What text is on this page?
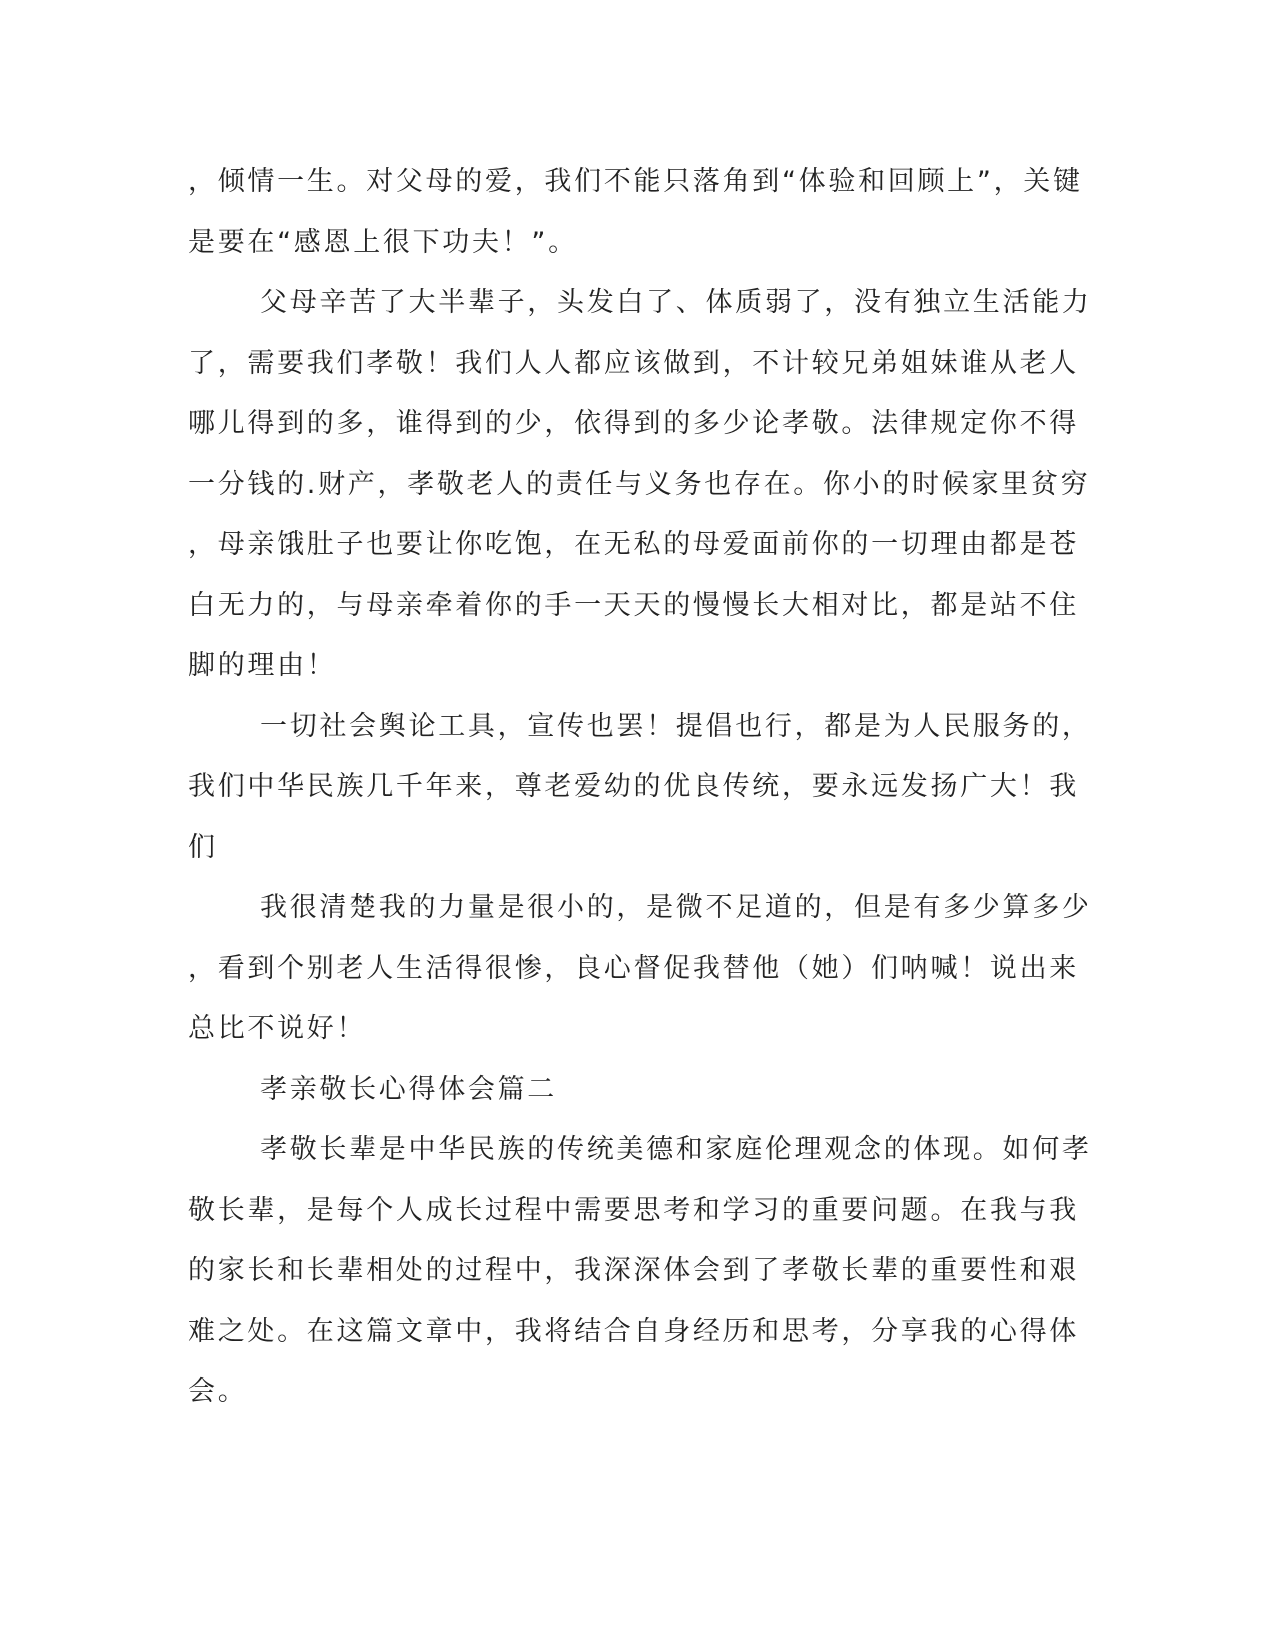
，倾情一生。对父母的爱，我们不能只落角到“体验和回顾上”，关键
是要在“感恩上很下功夫！”。

父母辛苦了大半辈子，头发白了、体质弱了，没有独立生活能力
了，需要我们孝敬！我们人人都应该做到，不计较兄弟姐妹谁从老人
哪儿得到的多，谁得到的少，依得到的多少论孝敬。法律规定你不得
一分钱的.财产，孝敬老人的责任与义务也存在。你小的时候家里贫穷
，母亲饿肚子也要让你吃饱，在无私的母爱面前你的一切理由都是苍
白无力的，与母亲牵着你的手一天天的慢慢长大相对比，都是站不住
脚的理由！

一切社会舆论工具，宣传也罢！提倡也行，都是为人民服务的，
我们中华民族几千年来，尊老爱幼的优良传统，要永远发扬广大！我
们

我很清楚我的力量是很小的，是微不足道的，但是有多少算多少
，看到个别老人生活得很惨，良心督促我替他（她）们呐喊！说出来
总比不说好！

孝亲敬长心得体会篇二

孝敬长辈是中华民族的传统美德和家庭伦理观念的体现。如何孝
敬长辈，是每个人成长过程中需要思考和学习的重要问题。在我与我
的家长和长辈相处的过程中，我深深体会到了孝敬长辈的重要性和艰
难之处。在这篇文章中，我将结合自身经历和思考，分享我的心得体
会。
